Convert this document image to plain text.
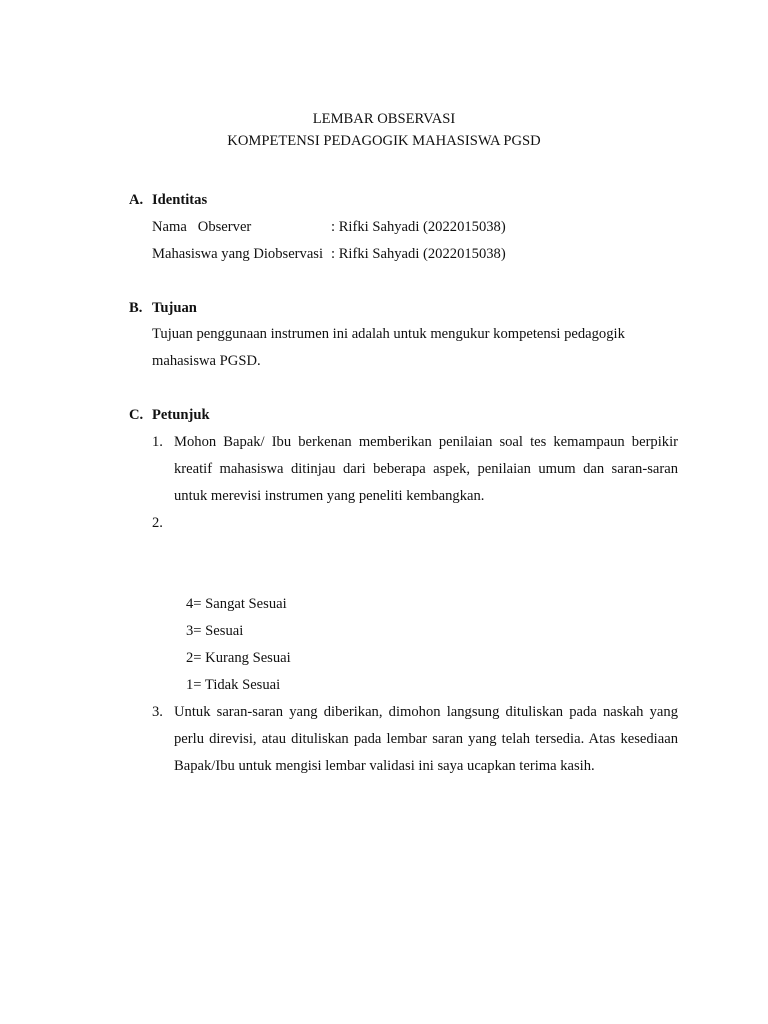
LEMBAR OBSERVASI

KOMPETENSI PEDAGOGIK MAHASISWA PGSD

A. Identitas
Nama   Observer	: Rifki Sahyadi (2022015038)
Mahasiswa yang Diobservasi : Rifki Sahyadi (2022015038)
B. Tujuan
Tujuan penggunaan instrumen ini adalah untuk mengukur kompetensi pedagogik
mahasiswa PGSD.
C. Petunjuk
1. Mohon Bapak/ Ibu berkenan memberikan penilaian soal tes kemampaun berpikir
kreatif mahasiswa ditinjau dari beberapa aspek, penilaian umum dan saran-saran
untuk merevisi instrumen yang peneliti kembangkan.
2.
4= Sangat Sesuai
3= Sesuai
2= Kurang Sesuai
1= Tidak Sesuai
3. Untuk saran-saran yang diberikan, dimohon langsung dituliskan pada naskah yang
perlu direvisi, atau dituliskan pada lembar saran yang telah tersedia. Atas kesediaan
Bapak/Ibu untuk mengisi lembar validasi ini saya ucapkan terima kasih.
